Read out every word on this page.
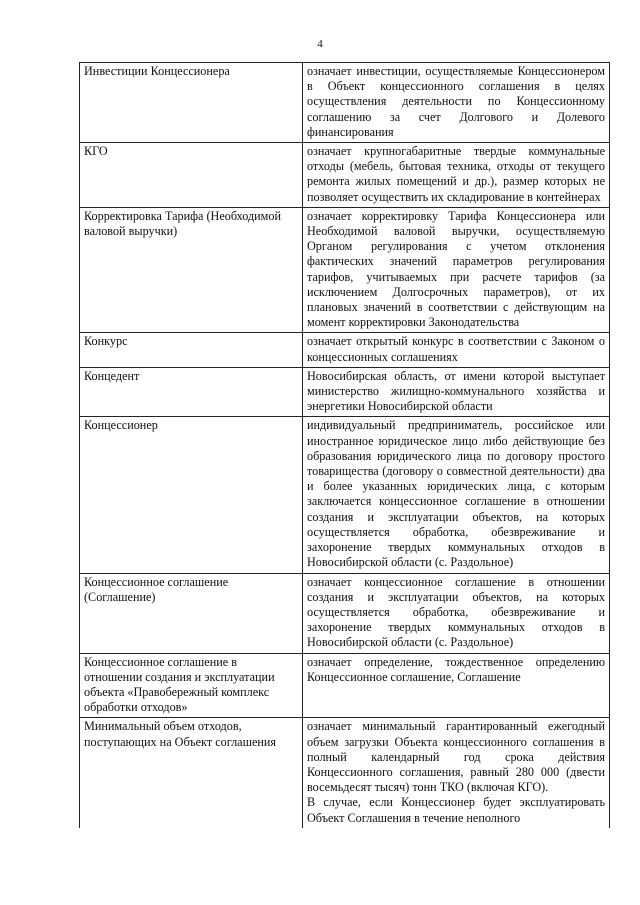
4
Инвестиции Концессионера	означает инвестиции, осуществляемые Концессионером в Объект концессионного соглашения в целях осуществления деятельности по Концессионному соглашению за счет Долгового и Долевого финансирования
КГО	означает крупногабаритные твердые коммунальные отходы (мебель, бытовая техника, отходы от текущего ремонта жилых помещений и др.), размер которых не позволяет осуществить их складирование в контейнерах
Корректировка Тарифа (Необходимой валовой выручки)	означает корректировку Тарифа Концессионера или Необходимой валовой выручки, осуществляемую Органом регулирования с учетом отклонения фактических значений параметров регулирования тарифов, учитываемых при расчете тарифов (за исключением Долгосрочных параметров), от их плановых значений в соответствии с действующим на момент корректировки Законодательства
Конкурс	означает открытый конкурс в соответствии с Законом о концессионных соглашениях
Концедент	Новосибирская область, от имени которой выступает министерство жилищно-коммунального хозяйства и энергетики Новосибирской области
Концессионер	индивидуальный предприниматель, российское или иностранное юридическое лицо либо действующие без образования юридического лица по договору простого товарищества (договору о совместной деятельности) два и более указанных юридических лица, с которым заключается концессионное соглашение в отношении создания и эксплуатации объектов, на которых осуществляется обработка, обезвреживание и захоронение твердых коммунальных отходов в Новосибирской области (с. Раздольное)
Концессионное соглашение (Соглашение)	означает концессионное соглашение в отношении создания и эксплуатации объектов, на которых осуществляется обработка, обезвреживание и захоронение твердых коммунальных отходов в Новосибирской области (с. Раздольное)
Концессионное соглашение в отношении создания и эксплуатации объекта «Правобережный комплекс обработки отходов»	означает определение, тождественное определению Концессионное соглашение, Соглашение
Минимальный объем отходов, поступающих на Объект соглашения	означает минимальный гарантированный ежегодный объем загрузки Объекта концессионного соглашения в полный календарный год срока действия Концессионного соглашения, равный 280 000 (двести восемьдесят тысяч) тонн ТКО (включая КГО).

В случае, если Концессионер будет эксплуатировать Объект Соглашения в течение неполного
